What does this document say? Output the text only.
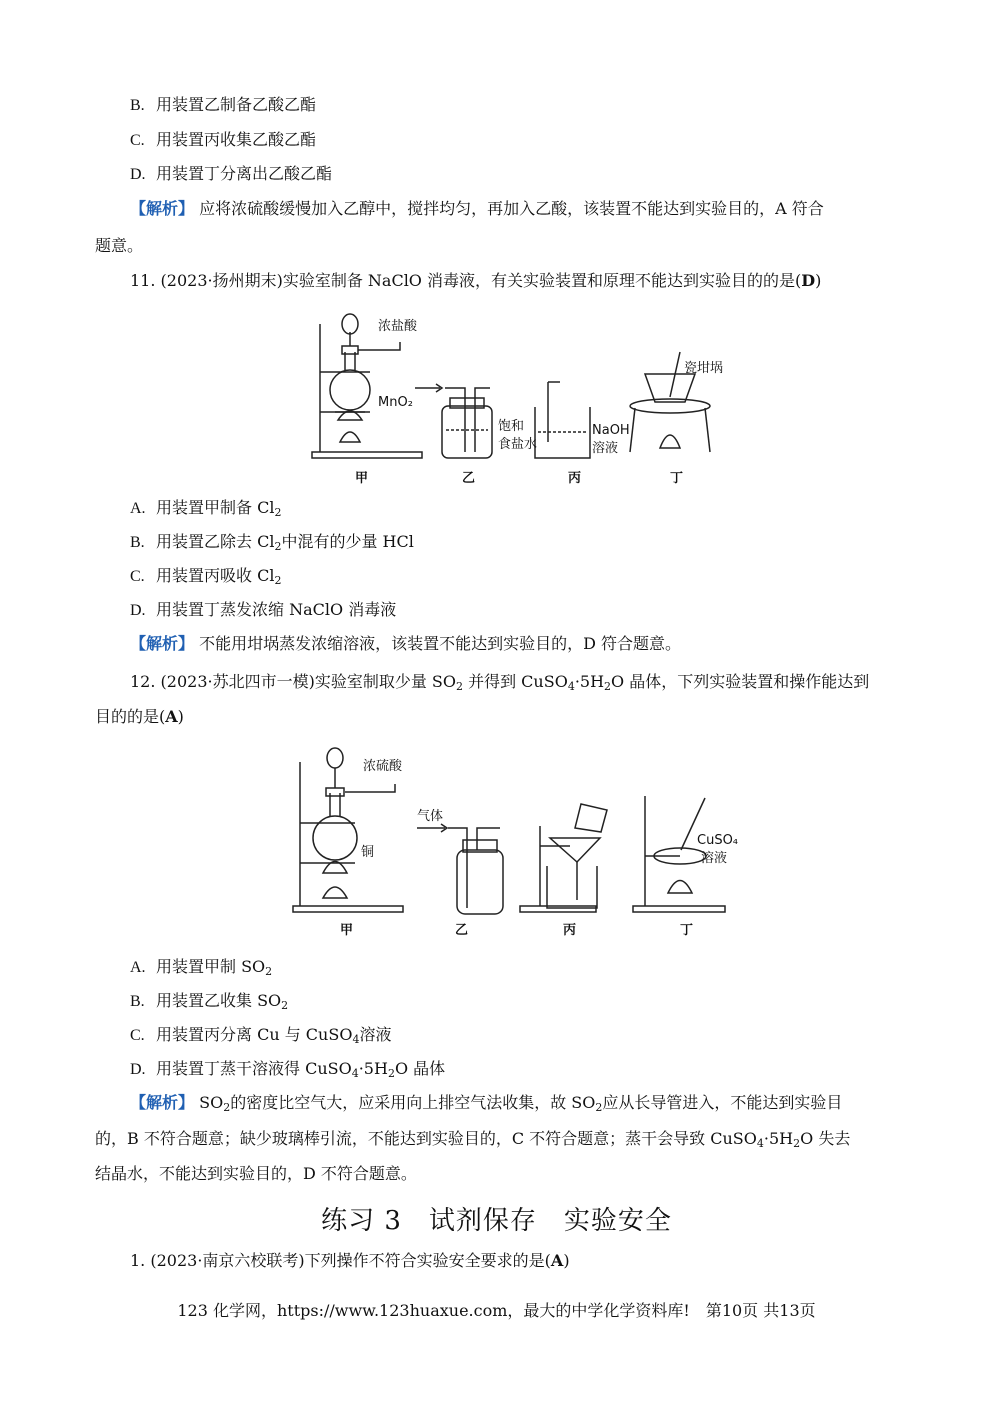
B. 用装置乙制备乙酸乙酯
C. 用装置丙收集乙酸乙酯
D. 用装置丁分离出乙酸乙酯
【解析】 应将浓硫酸缓慢加入乙醇中，搅拌均匀，再加入乙酸，该装置不能达到实验目的，A 符合
题意。
11. (2023·扬州期末)实验室制备 NaClO 消毒液，有关实验装置和原理不能达到实验目的的是(D)
浓盐酸
MnO₂
饱和
食盐水
NaOH
溶液
瓷坩埚
甲	乙	丙	丁
A. 用装置甲制备 $Cl_2$
B. 用装置乙除去 $Cl_2$中混有的少量 HCl
C. 用装置丙吸收 $Cl_2$
D. 用装置丁蒸发浓缩 NaClO 消毒液
【解析】 不能用坩埚蒸发浓缩溶液，该装置不能达到实验目的，D 符合题意。
12. (2023·苏北四市一模)实验室制取少量 $SO_2$ 并得到 $CuSO_4\cdot 5H_2O$ 晶体，下列实验装置和操作能达到
目的的是(A)
浓硫酸
铜
气体
CuSO₄
溶液
甲	乙	丙	丁
A. 用装置甲制 $SO_2$
B. 用装置乙收集 $SO_2$
C. 用装置丙分离 Cu 与 CuSO$_4$溶液
D. 用装置丁蒸干溶液得 $CuSO_4\cdot 5H_2O$ 晶体
【解析】 $SO_2$的密度比空气大，应采用向上排空气法收集，故 $SO_2$应从长导管进入，不能达到实验目
的，B 不符合题意；缺少玻璃棒引流，不能达到实验目的，C 不符合题意；蒸干会导致 $CuSO_4\cdot 5H_2O$ 失去
结晶水，不能达到实验目的，D 不符合题意。
练习 3　试剂保存　实验安全
1. (2023·南京六校联考)下列操作不符合实验安全要求的是(A)
123 化学网，https://www.123huaxue.com，最大的中学化学资料库!　第10页 共13页
